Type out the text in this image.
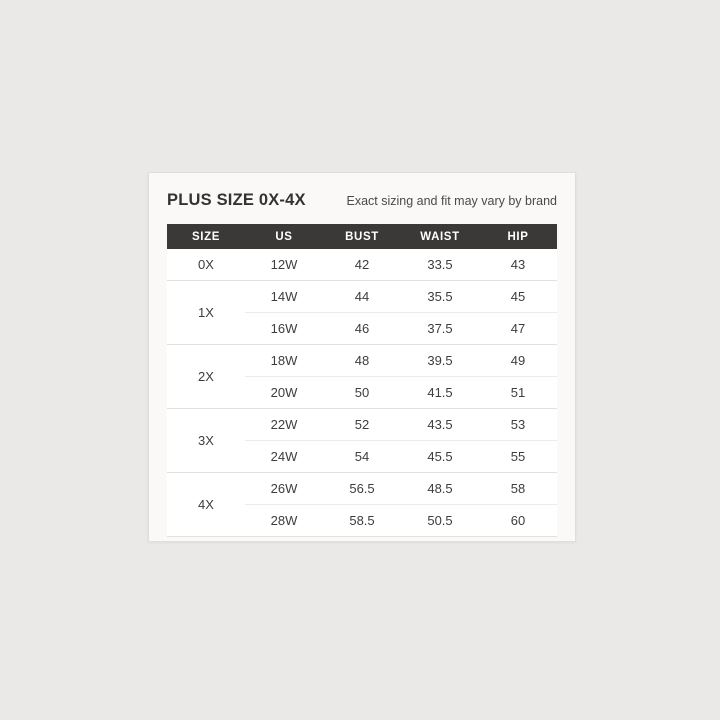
PLUS SIZE 0X-4X	Exact sizing and fit may vary by brand
SIZE	US	BUST	WAIST	HIP
0X	12W	42	33.5	43
1X
14W	44	35.5	45
16W	46	37.5	47
2X
18W	48	39.5	49
20W	50	41.5	51
3X
22W	52	43.5	53
24W	54	45.5	55
4X
26W	56.5	48.5	58
28W	58.5	50.5	60
